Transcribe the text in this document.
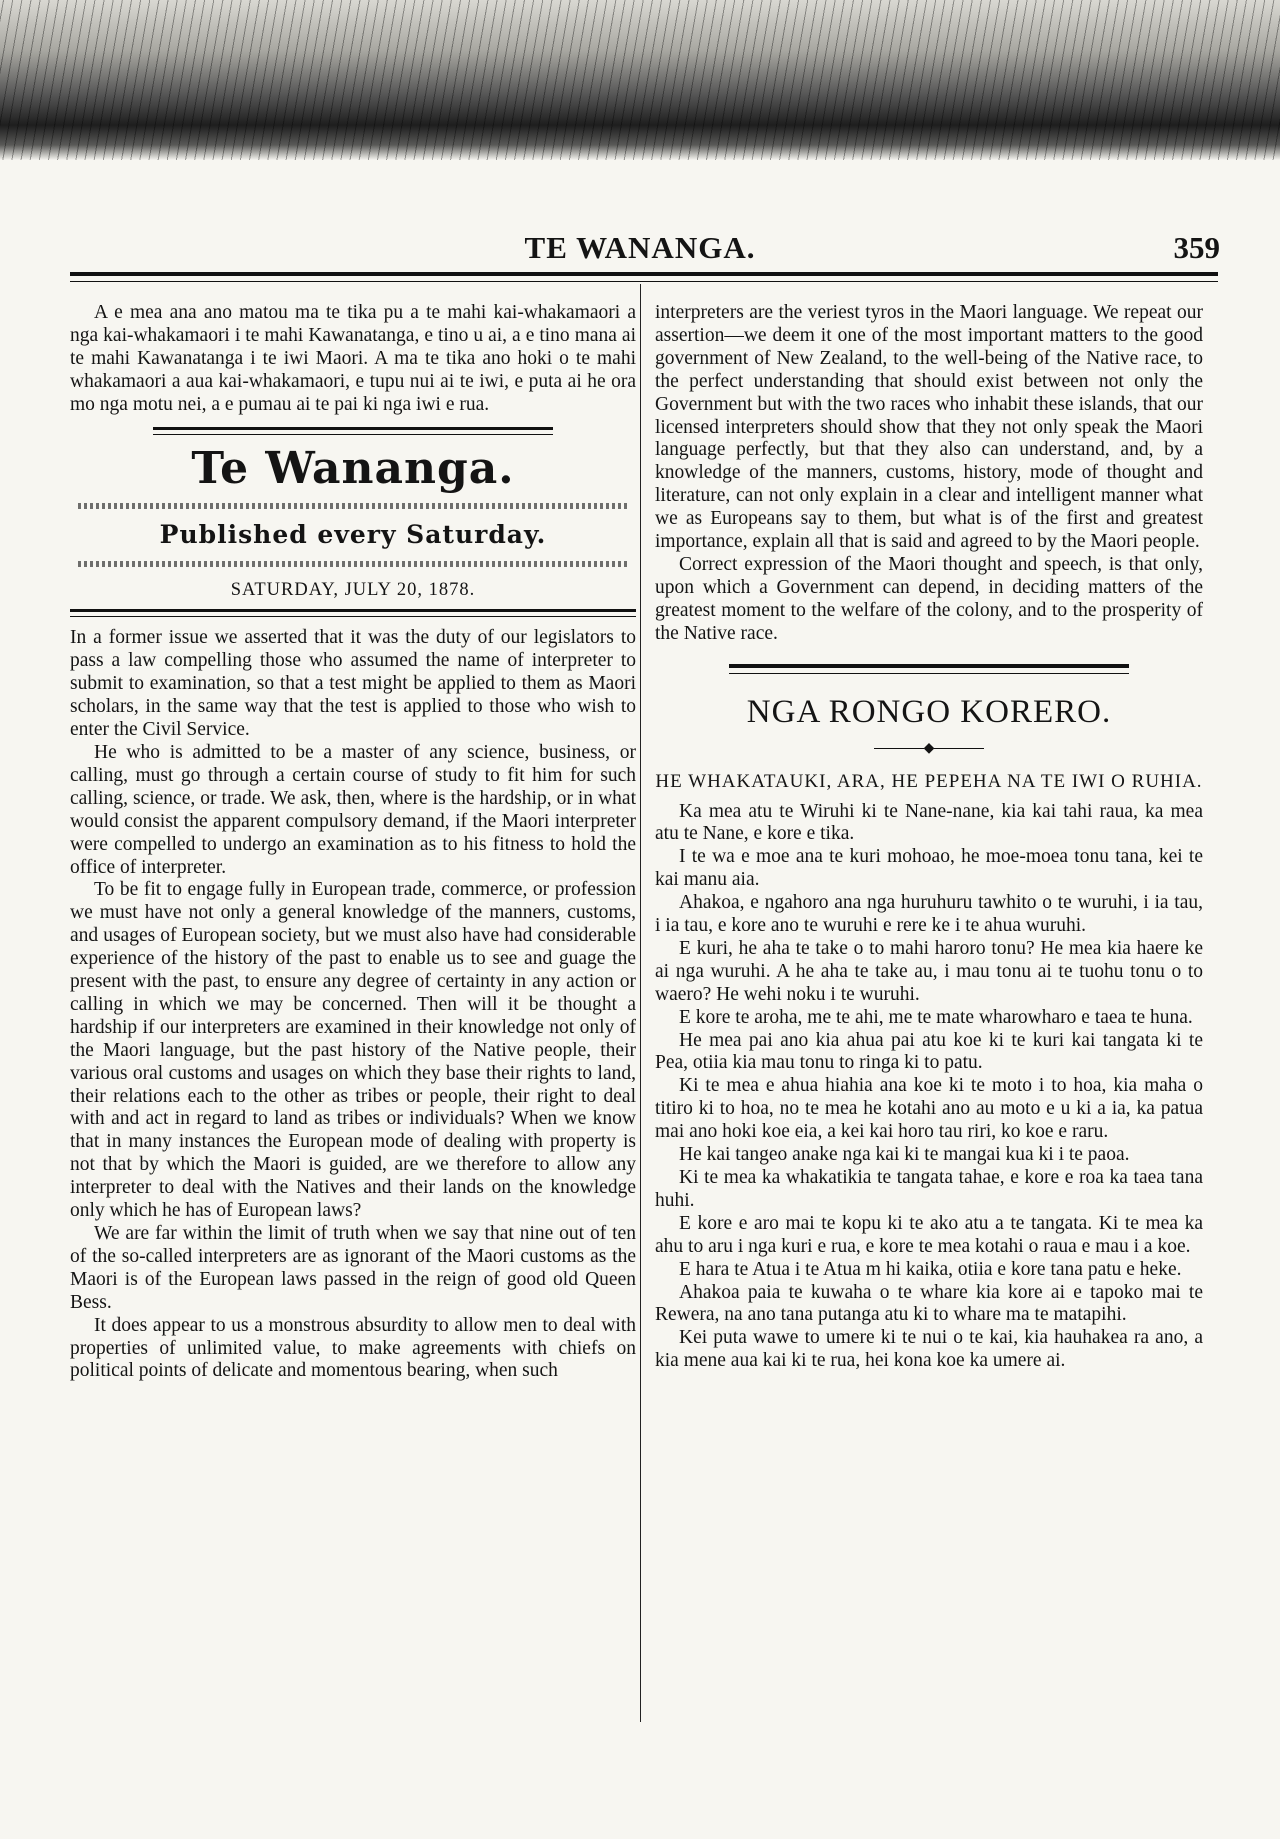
TE WANANGA.	359

A e mea ana ano matou ma te tika pu a te mahi kai-whakamaori a nga kai-whakamaori i te mahi Kawanatanga, e tino u ai, a e tino mana ai te mahi Kawanatanga i te iwi Maori. A ma te tika ano hoki o te mahi whakamaori a aua kai-whakamaori, e tupu nui ai te iwi, e puta ai he ora mo nga motu nei, a e pumau ai te pai ki nga iwi e rua.

Te Wananga.
Published every Saturday.
SATURDAY, JULY 20, 1878.

In a former issue we asserted that it was the duty of our legislators to pass a law compelling those who assumed the name of interpreter to submit to examination, so that a test might be applied to them as Maori scholars, in the same way that the test is applied to those who wish to enter the Civil Service.

He who is admitted to be a master of any science, business, or calling, must go through a certain course of study to fit him for such calling, science, or trade. We ask, then, where is the hardship, or in what would consist the apparent compulsory demand, if the Maori interpreter were compelled to undergo an examination as to his fitness to hold the office of interpreter.

To be fit to engage fully in European trade, commerce, or profession we must have not only a general knowledge of the manners, customs, and usages of European society, but we must also have had considerable experience of the history of the past to enable us to see and guage the present with the past, to ensure any degree of certainty in any action or calling in which we may be concerned. Then will it be thought a hardship if our interpreters are examined in their knowledge not only of the Maori language, but the past history of the Native people, their various oral customs and usages on which they base their rights to land, their relations each to the other as tribes or people, their right to deal with and act in regard to land as tribes or individuals? When we know that in many instances the European mode of dealing with property is not that by which the Maori is guided, are we therefore to allow any interpreter to deal with the Natives and their lands on the knowledge only which he has of European laws?

We are far within the limit of truth when we say that nine out of ten of the so-called interpreters are as ignorant of the Maori customs as the Maori is of the European laws passed in the reign of good old Queen Bess.

It does appear to us a monstrous absurdity to allow men to deal with properties of unlimited value, to make agreements with chiefs on political points of delicate and momentous bearing, when such

interpreters are the veriest tyros in the Maori language. We repeat our assertion—we deem it one of the most important matters to the good government of New Zealand, to the well-being of the Native race, to the perfect understanding that should exist between not only the Government but with the two races who inhabit these islands, that our licensed interpreters should show that they not only speak the Maori language perfectly, but that they also can understand, and, by a knowledge of the manners, customs, history, mode of thought and literature, can not only explain in a clear and intelligent manner what we as Europeans say to them, but what is of the first and greatest importance, explain all that is said and agreed to by the Maori people.

Correct expression of the Maori thought and speech, is that only, upon which a Government can depend, in deciding matters of the greatest moment to the welfare of the colony, and to the prosperity of the Native race.

NGA RONGO KORERO.
◆
HE WHAKATAUKI, ARA, HE PEPEHA NA TE IWI O RUHIA.

Ka mea atu te Wiruhi ki te Nane-nane, kia kai tahi raua, ka mea atu te Nane, e kore e tika.

I te wa e moe ana te kuri mohoao, he moe-moea tonu tana, kei te kai manu aia.

Ahakoa, e ngahoro ana nga huruhuru tawhito o te wuruhi, i ia tau, i ia tau, e kore ano te wuruhi e rere ke i te ahua wuruhi.

E kuri, he aha te take o to mahi haroro tonu? He mea kia haere ke ai nga wuruhi. A he aha te take au, i mau tonu ai te tuohu tonu o to waero? He wehi noku i te wuruhi.

E kore te aroha, me te ahi, me te mate wharowharo e taea te huna.

He mea pai ano kia ahua pai atu koe ki te kuri kai tangata ki te Pea, otiia kia mau tonu to ringa ki to patu.

Ki te mea e ahua hiahia ana koe ki te moto i to hoa, kia maha o titiro ki to hoa, no te mea he kotahi ano au moto e u ki a ia, ka patua mai ano hoki koe eia, a kei kai horo tau riri, ko koe e raru.

He kai tangeo anake nga kai ki te mangai kua ki i te paoa.

Ki te mea ka whakatikia te tangata tahae, e kore e roa ka taea tana huhi.

E kore e aro mai te kopu ki te ako atu a te tangata. Ki te mea ka ahu to aru i nga kuri e rua, e kore te mea kotahi o raua e mau i a koe.

E hara te Atua i te Atua m hi kaika, otiia e kore tana patu e heke.

Ahakoa paia te kuwaha o te whare kia kore ai e tapoko mai te Rewera, na ano tana putanga atu ki to whare ma te matapihi.

Kei puta wawe to umere ki te nui o te kai, kia hauhakea ra ano, a kia mene aua kai ki te rua, hei kona koe ka umere ai.
